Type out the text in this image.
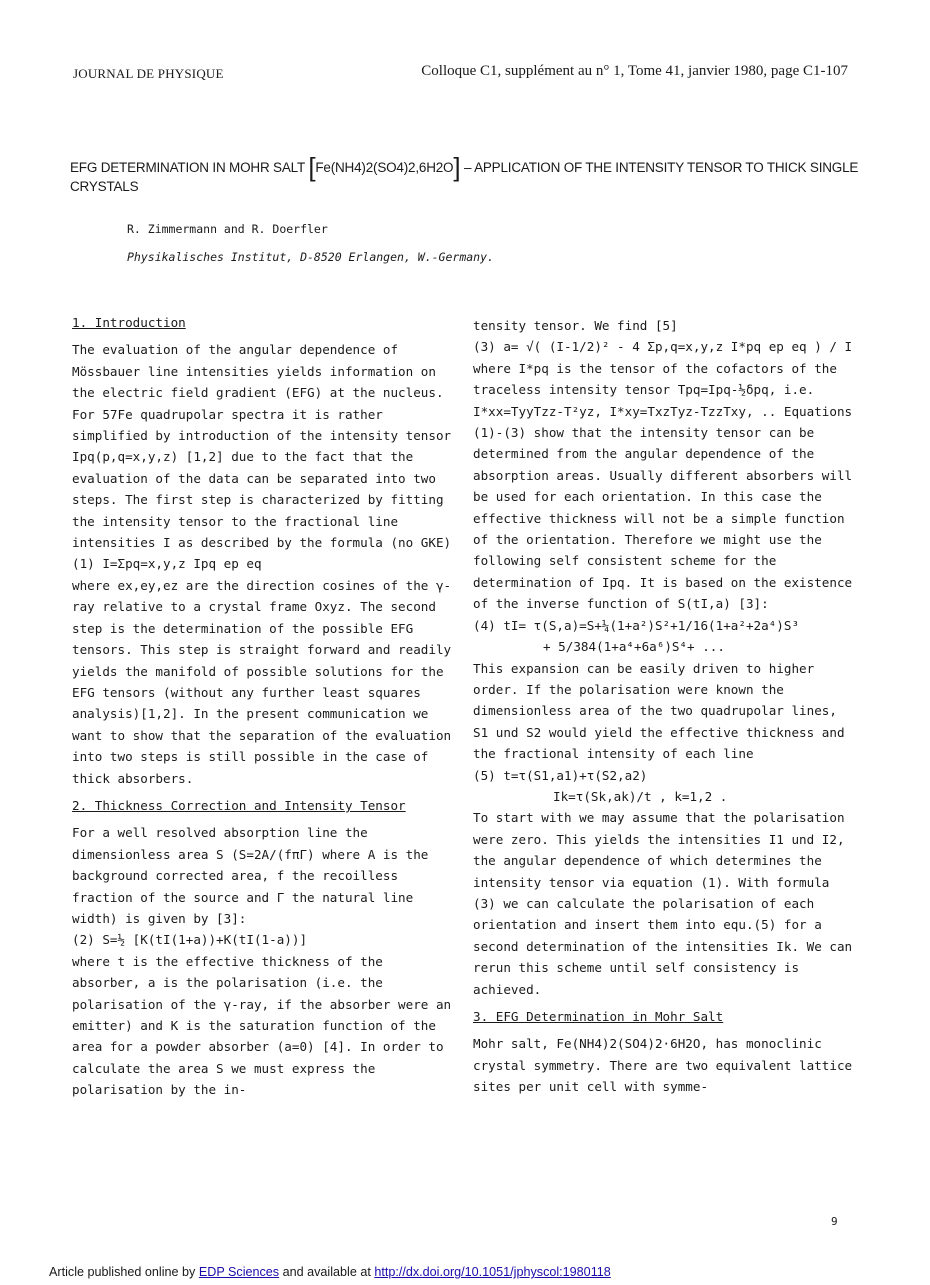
JOURNAL DE PHYSIQUE	Colloque C1, supplément au n° 1, Tome 41, janvier 1980, page C1-107
EFG DETERMINATION IN MOHR SALT [Fe(NH4)2(SO4)2,6H2O] – APPLICATION OF THE INTENSITY TENSOR TO THICK SINGLE CRYSTALS
R. Zimmermann and R. Doerfler
Physikalisches Institut, D-8520 Erlangen, W.-Germany.

1. Introduction

The evaluation of the angular dependence of Mössbauer line intensities yields information on the electric field gradient (EFG) at the nucleus. For 57Fe quadrupolar spectra it is rather simplified by introduction of the intensity tensor Ipq(p,q=x,y,z) [1,2] due to the fact that the evaluation of the data can be separated into two steps. The first step is characterized by fitting the intensity tensor to the fractional line intensities I as described by the formula (no GKE)

(1) I=Σpq=x,y,z Ipq ep eq

where ex,ey,ez are the direction cosines of the γ-ray relative to a crystal frame Oxyz. The second step is the determination of the possible EFG tensors. This step is straight forward and readily yields the manifold of possible solutions for the EFG tensors (without any further least squares analysis)[1,2]. In the present communication we want to show that the separation of the evaluation into two steps is still possible in the case of thick absorbers.

2. Thickness Correction and Intensity Tensor

For a well resolved absorption line the dimensionless area S (S=2A/(fπΓ) where A is the background corrected area, f the recoilless fraction of the source and Γ the natural line width) is given by [3]:

(2) S=½ [K(tI(1+a))+K(tI(1-a))]

where t is the effective thickness of the absorber, a is the polarisation (i.e. the polarisation of the γ-ray, if the absorber were an emitter) and K is the saturation function of the area for a powder absorber (a=0) [4]. In order to calculate the area S we must express the polarisation by the in-

tensity tensor. We find [5]

(3) a= √( (I-1/2)² - 4 Σp,q=x,y,z I*pq ep eq ) / I

where I*pq is the tensor of the cofactors of the traceless intensity tensor Tpq=Ipq-½δpq, i.e. I*xx=TyyTzz-T²yz, I*xy=TxzTyz-TzzTxy, .. Equations (1)-(3) show that the intensity tensor can be determined from the angular dependence of the absorption areas. Usually different absorbers will be used for each orientation. In this case the effective thickness will not be a simple function of the orientation. Therefore we might use the following self consistent scheme for the determination of Ipq. It is based on the existence of the inverse function of S(tI,a) [3]:

(4) tI= τ(S,a)=S+¼(1+a²)S²+1/16(1+a²+2a⁴)S³

+ 5/384(1+a⁴+6a⁶)S⁴+ ...

This expansion can be easily driven to higher order. If the polarisation were known the dimensionless area of the two quadrupolar lines, S1 und S2 would yield the effective thickness and the fractional intensity of each line

(5) t=τ(S1,a1)+τ(S2,a2)

Ik=τ(Sk,ak)/t , k=1,2 .

To start with we may assume that the polarisation were zero. This yields the intensities I1 und I2, the angular dependence of which determines the intensity tensor via equation (1). With formula (3) we can calculate the polarisation of each orientation and insert them into equ.(5) for a second determination of the intensities Ik. We can rerun this scheme until self consistency is achieved.

3. EFG Determination in Mohr Salt

Mohr salt, Fe(NH4)2(SO4)2·6H2O, has monoclinic crystal symmetry. There are two equivalent lattice sites per unit cell with symme-

9
Article published online by EDP Sciences and available at http://dx.doi.org/10.1051/jphyscol:1980118
